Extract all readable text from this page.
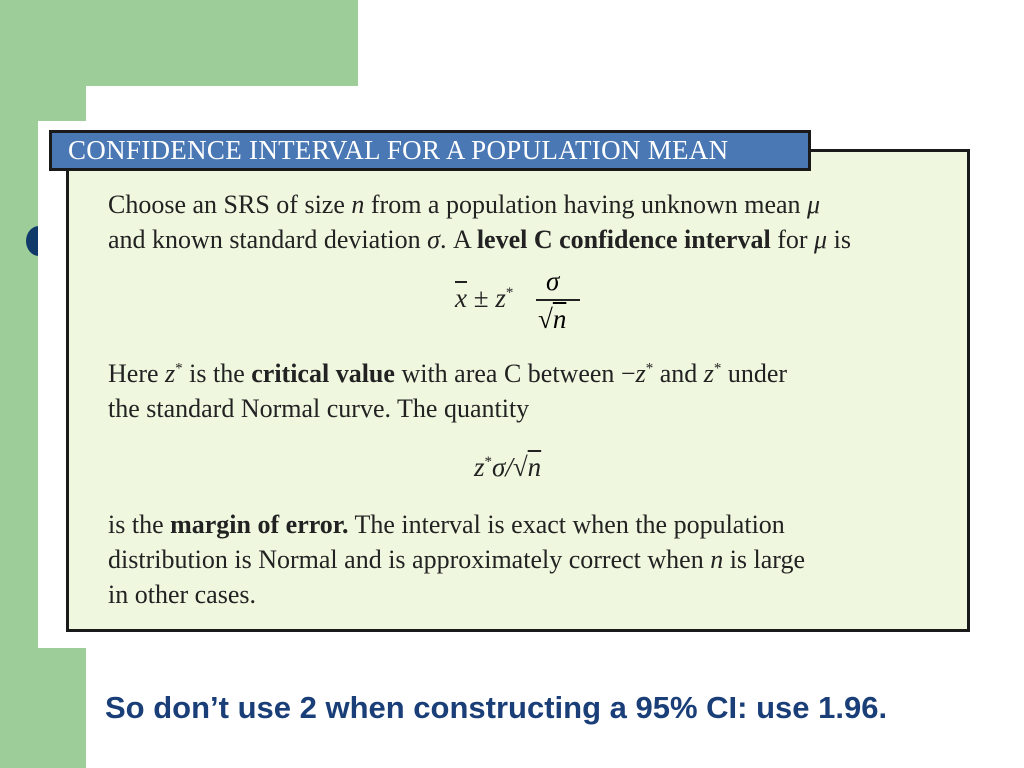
CONFIDENCE INTERVAL FOR A POPULATION MEAN

Choose an SRS of size n from a population having unknown mean μ

and known standard deviation σ. A level C confidence interval for μ is

$\overline{x} \pm z^*$ σ
√n

Here z* is the critical value with area C between −z* and z* under

the standard Normal curve. The quantity

z*σ/√n

is the margin of error. The interval is exact when the population

distribution is Normal and is approximately correct when n is large

in other cases.

So don’t use 2 when constructing a 95% CI: use 1.96.
